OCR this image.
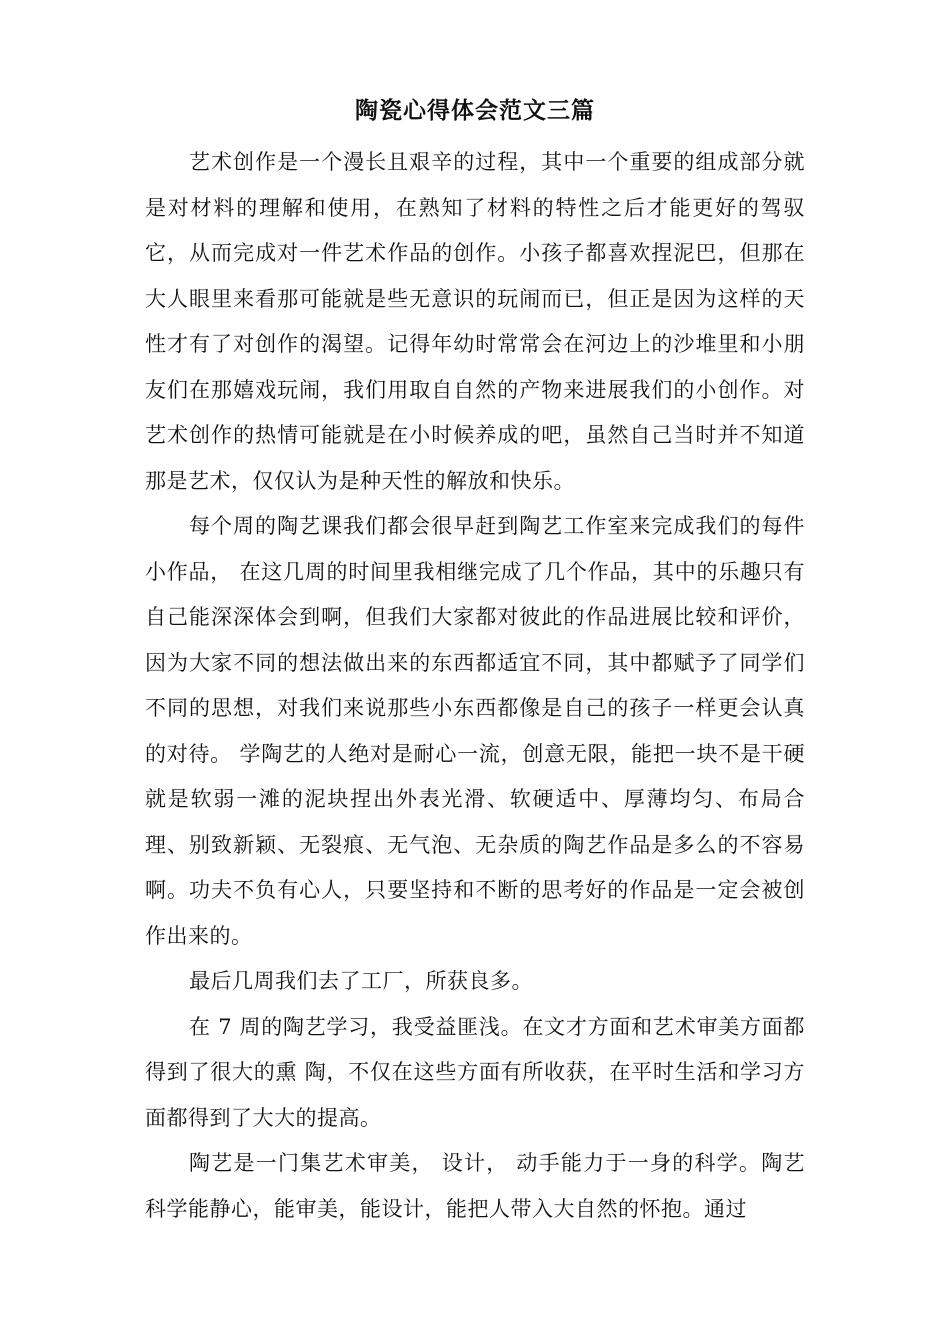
陶瓷心得体会范文三篇

艺术创作是一个漫长且艰辛的过程，其中一个重要的组成部分就是对材料的理解和使用，在熟知了材料的特性之后才能更好的驾驭它，从而完成对一件艺术作品的创作。小孩子都喜欢捏泥巴，但那在大人眼里来看那可能就是些无意识的玩闹而已，但正是因为这样的天性才有了对创作的渴望。记得年幼时常常会在河边上的沙堆里和小朋友们在那嬉戏玩闹，我们用取自自然的产物来进展我们的小创作。对艺术创作的热情可能就是在小时候养成的吧，虽然自己当时并不知道那是艺术，仅仅认为是种天性的解放和快乐。

每个周的陶艺课我们都会很早赶到陶艺工作室来完成我们的每件小作品， 在这几周的时间里我相继完成了几个作品，其中的乐趣只有自己能深深体会到啊，但我们大家都对彼此的作品进展比较和评价，因为大家不同的想法做出来的东西都适宜不同，其中都赋予了同学们不同的思想，对我们来说那些小东西都像是自己的孩子一样更会认真的对待。 学陶艺的人绝对是耐心一流，创意无限，能把一块不是干硬就是软弱一滩的泥块捏出外表光滑、软硬适中、厚薄均匀、布局合理、别致新颖、无裂痕、无气泡、无杂质的陶艺作品是多么的不容易啊。功夫不负有心人，只要坚持和不断的思考好的作品是一定会被创作出来的。

最后几周我们去了工厂，所获良多。

在 7 周的陶艺学习，我受益匪浅。在文才方面和艺术审美方面都得到了很大的熏 陶，不仅在这些方面有所收获，在平时生活和学习方面都得到了大大的提高。

陶艺是一门集艺术审美， 设计， 动手能力于一身的科学。陶艺科学能静心，能审美，能设计，能把人带入大自然的怀抱。通过
